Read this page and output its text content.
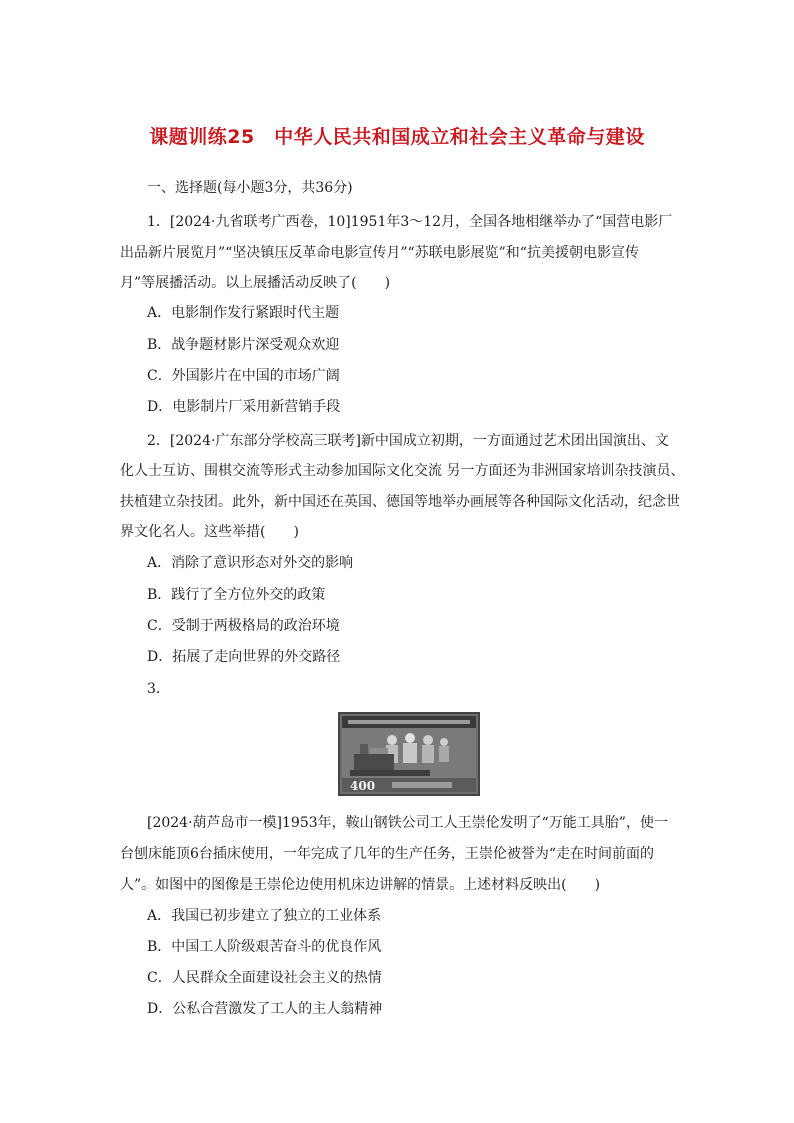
课题训练25　中华人民共和国成立和社会主义革命与建设
一、选择题(每小题3分，共36分)
1．[2024·九省联考广西卷，10]1951年3～12月，全国各地相继举办了“国营电影厂
出品新片展览月”“坚决镇压反革命电影宣传月”“苏联电影展览”和“抗美援朝电影宣传
月”等展播活动。以上展播活动反映了(　　)
A．电影制作发行紧跟时代主题
B．战争题材影片深受观众欢迎
C．外国影片在中国的市场广阔
D．电影制片厂采用新营销手段
2．[2024·广东部分学校高三联考]新中国成立初期，一方面通过艺术团出国演出、文
化人士互访、围棋交流等形式主动参加国际文化交流 另一方面还为非洲国家培训杂技演员、
扶植建立杂技团。此外，新中国还在英国、德国等地举办画展等各种国际文化活动，纪念世
界文化名人。这些举措(　　)
A．消除了意识形态对外交的影响
B．践行了全方位外交的政策
C．受制于两极格局的政治环境
D．拓展了走向世界的外交路径
3.
400
[2024·葫芦岛市一模]1953年，鞍山钢铁公司工人王崇伦发明了“万能工具胎”，使一
台刨床能顶6台插床使用，一年完成了几年的生产任务，王崇伦被誉为“走在时间前面的
人”。如图中的图像是王崇伦边使用机床边讲解的情景。上述材料反映出(　　)
A．我国已初步建立了独立的工业体系
B．中国工人阶级艰苦奋斗的优良作风
C．人民群众全面建设社会主义的热情
D．公私合营激发了工人的主人翁精神
